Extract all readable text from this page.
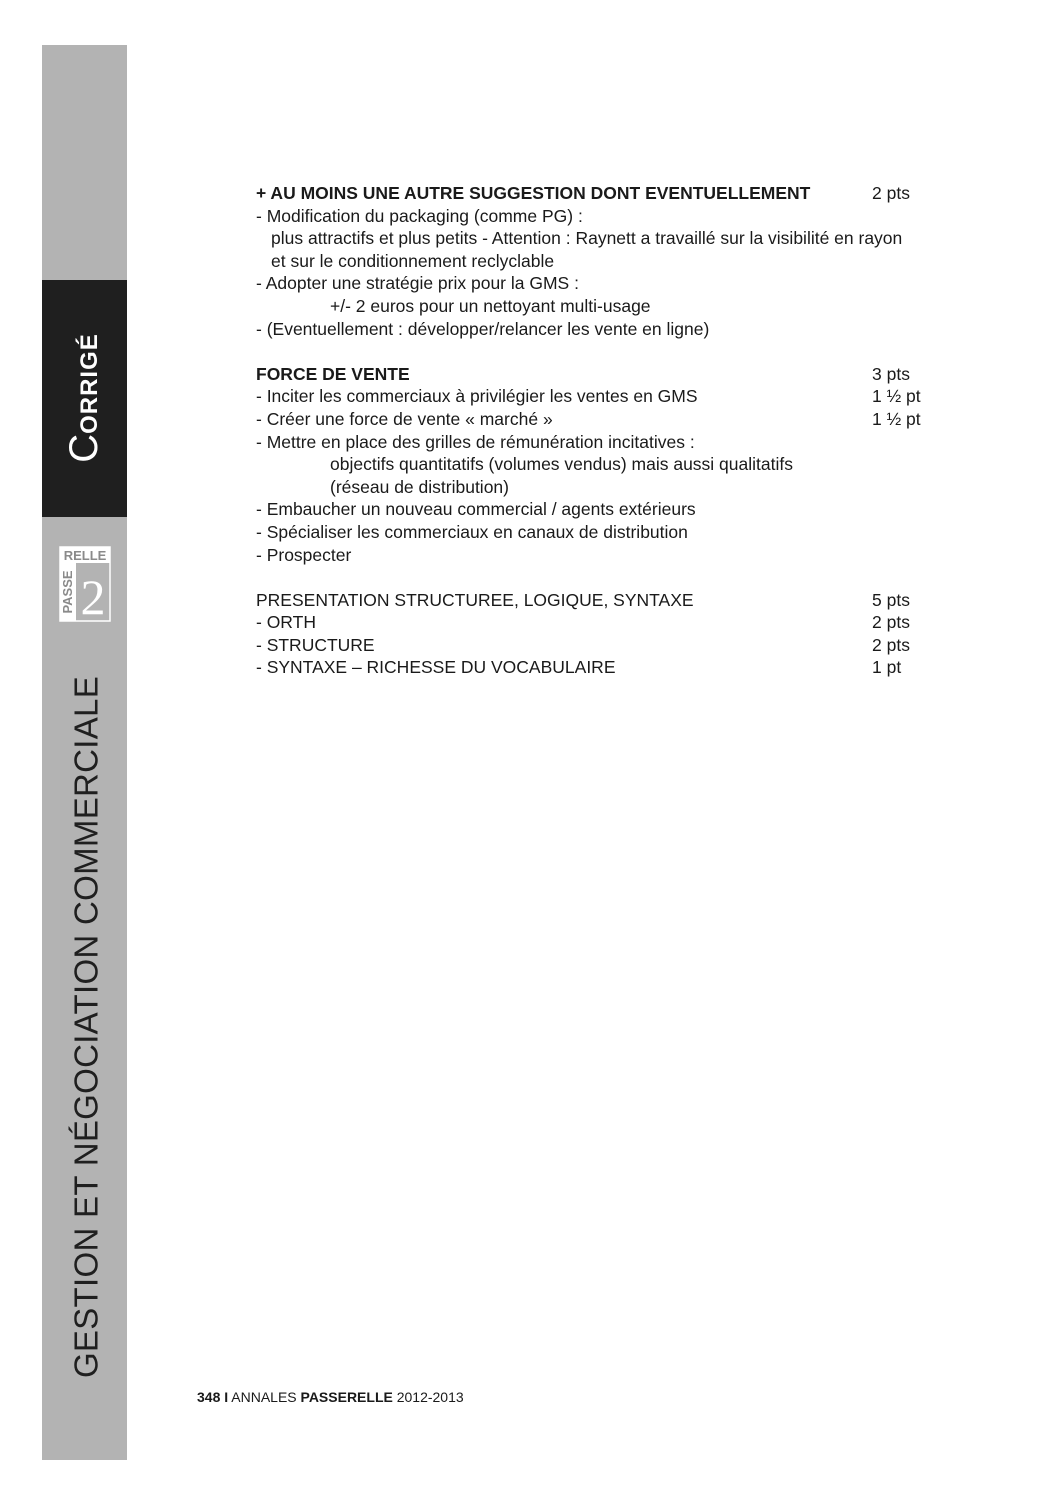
CORRIGÉ
RELLE
PASSE 2
GESTION ET NÉGOCIATION COMMERCIALE
+ AU MOINS UNE AUTRE SUGGESTION DONT EVENTUELLEMENT	2 pts
- Modification du packaging (comme PG) :
plus attractifs et plus petits - Attention : Raynett a travaillé sur la visibilité en rayon
et sur le conditionnement reclyclable
- Adopter une stratégie prix pour la GMS :
+/- 2 euros pour un nettoyant multi-usage
- (Eventuellement : développer/relancer les vente en ligne)
FORCE DE VENTE	3 pts
- Inciter les commerciaux à privilégier les ventes en GMS	1 ½ pt
- Créer une force de vente « marché »	1 ½ pt
- Mettre en place des grilles de rémunération incitatives :
objectifs quantitatifs (volumes vendus) mais aussi qualitatifs
(réseau de distribution)
- Embaucher un nouveau commercial / agents extérieurs
- Spécialiser les commerciaux en canaux de distribution
- Prospecter
PRESENTATION STRUCTUREE, LOGIQUE, SYNTAXE	5 pts
- ORTH	2 pts
- STRUCTURE	2 pts
- SYNTAXE – RICHESSE DU VOCABULAIRE	1 pt
348 I ANNALES PASSERELLE 2012-2013
